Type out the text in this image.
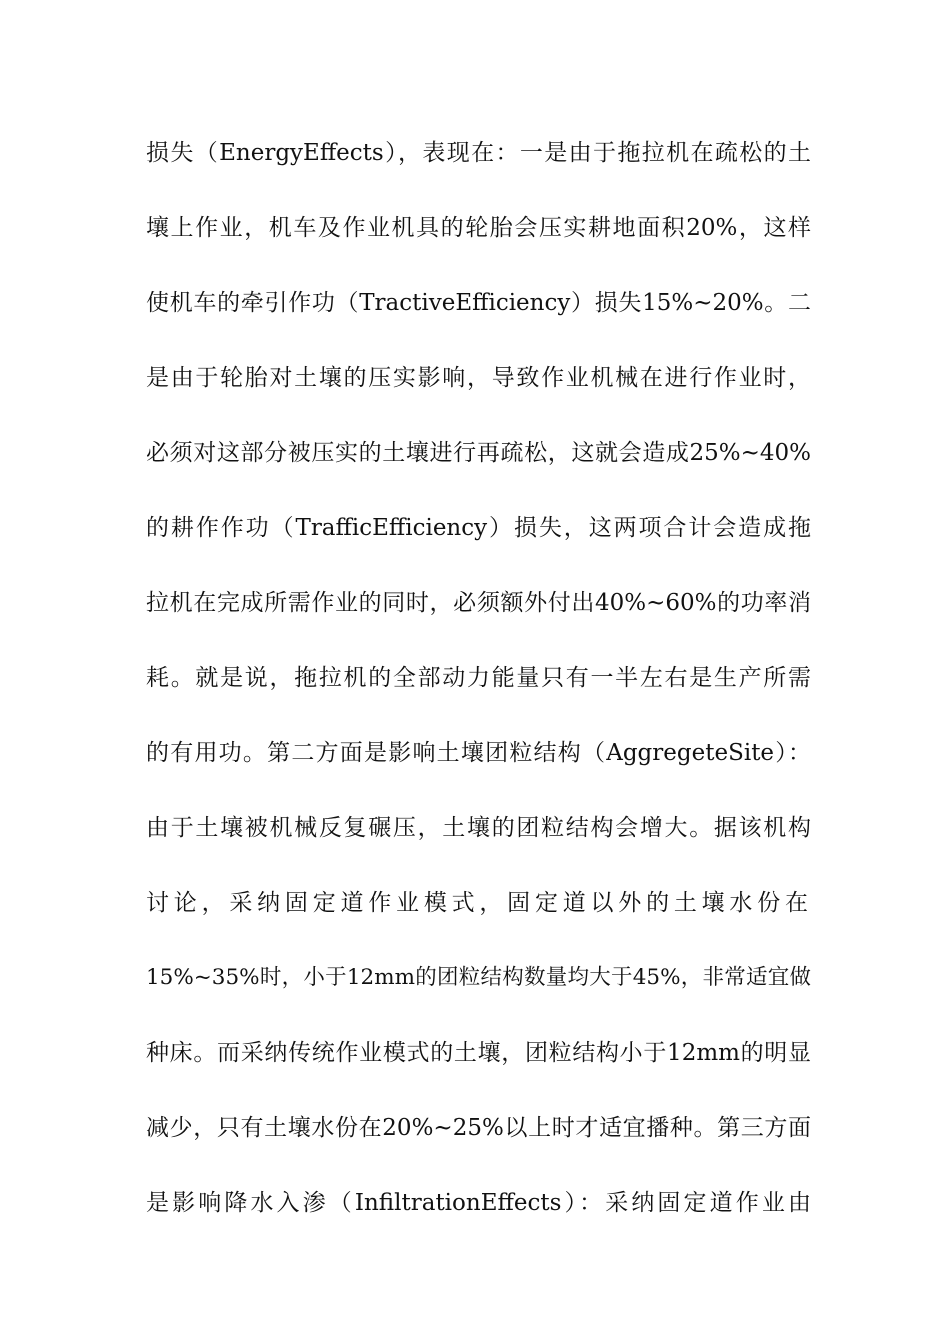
损失（EnergyEffects），表现在：一是由于拖拉机在疏松的土
壤上作业，机车及作业机具的轮胎会压实耕地面积20%，这样
使机车的牵引作功（TractiveEfficiency）损失15%~20%。二
是由于轮胎对土壤的压实影响，导致作业机械在进行作业时，
必须对这部分被压实的土壤进行再疏松，这就会造成25%~40%
的耕作作功（TrafficEfficiency）损失，这两项合计会造成拖
拉机在完成所需作业的同时，必须额外付出40%~60%的功率消
耗。就是说，拖拉机的全部动力能量只有一半左右是生产所需
的有用功。第二方面是影响土壤团粒结构（AggregeteSite）：
由于土壤被机械反复碾压，土壤的团粒结构会增大。据该机构
讨论，采纳固定道作业模式，固定道以外的土壤水份在
15%~35%时，小于12mm的团粒结构数量均大于45%，非常适宜做
种床。而采纳传统作业模式的土壤，团粒结构小于12mm的明显
减少，只有土壤水份在20%~25%以上时才适宜播种。第三方面
是影响降水入渗（InfiltrationEffects）：采纳固定道作业由
